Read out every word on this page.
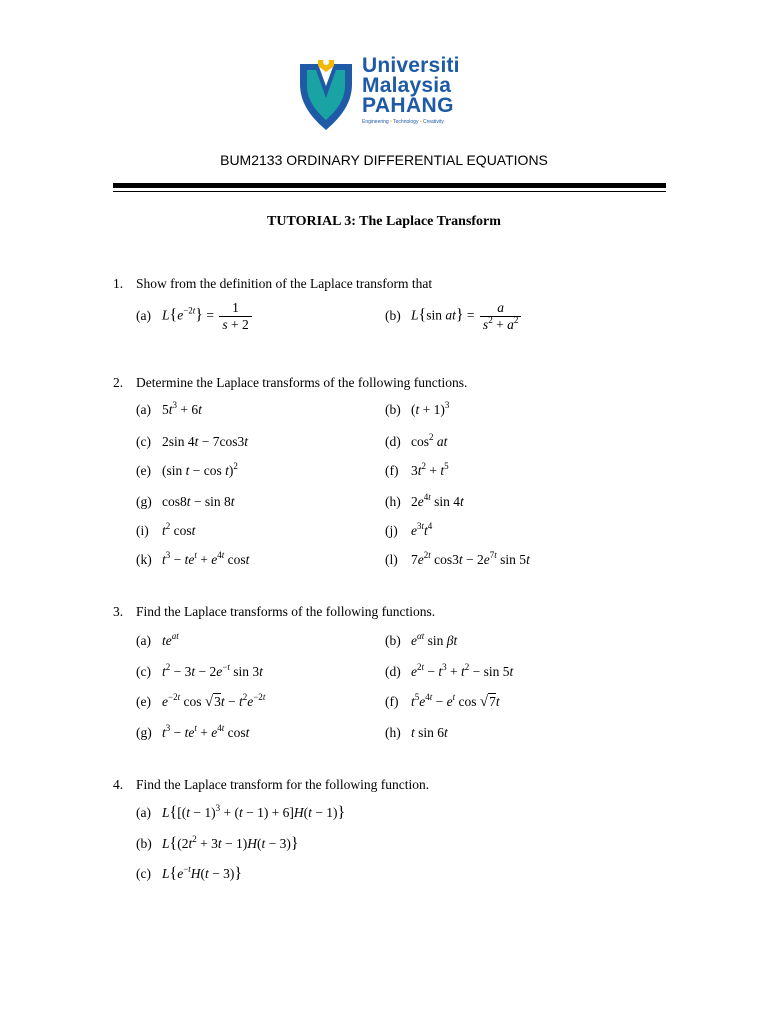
Universiti
Malaysia
PAHANG
Engineering • Technology • Creativity
BUM2133 ORDINARY DIFFERENTIAL EQUATIONS
TUTORIAL 3: The Laplace Transform
1. Show from the definition of the Laplace transform that
(a) $L\{e^{-2t}\} = \frac{1}{s + 2}$	(b) L{sin $at\} = \frac{a}{s^2 + a^2}$
2. Determine the Laplace transforms of the following functions.
(a) $5t^3 + 6t$	(b) $(t + 1)^3$
(c) 2sin 4t − 7cos3t	(d) $\cos^2$ at
(e) (sin t − cos t)$^2$	(f) $3t^2 + t^5$
(g) cos8t − sin 8t	(h) $2e^{4t}$ sin 4t
(i) $t^2$ cost	(j) $e^{3t}t^4$
(k) $t^3 - te^t + e^{4t}$ cost	(l) $7e^{2t}$ $\cos 3t - 2e^{7t}$ sin 5t
3. Find the Laplace transforms of the following functions.
(a) $te^{at}$	(b) $e^{\alpha t}$ sin βt
(c) $t^2 - 3t - 2e^{-t}$ sin 3t	(d) $e^{2t} - t^3 + t^2 - \sin 5t$
(e) $e^{-2t}$ $\cos √3t - t^2e^{-2t}$	(f) $t^5e^{4t} - e^t$ cos √7t
(g) $t^3 - te^t + e^{4t}$ cost	(h) t sin 6t
4. Find the Laplace transform for the following function.
(a) $L\{[(t - 1)^3 + (t - 1) + 6]H(t - 1)\}$
(b) $L\{(2t^2 + 3t - 1)H(t - 3)\}$
(c) $L\{e^{-t}H(t - 3)\}$
